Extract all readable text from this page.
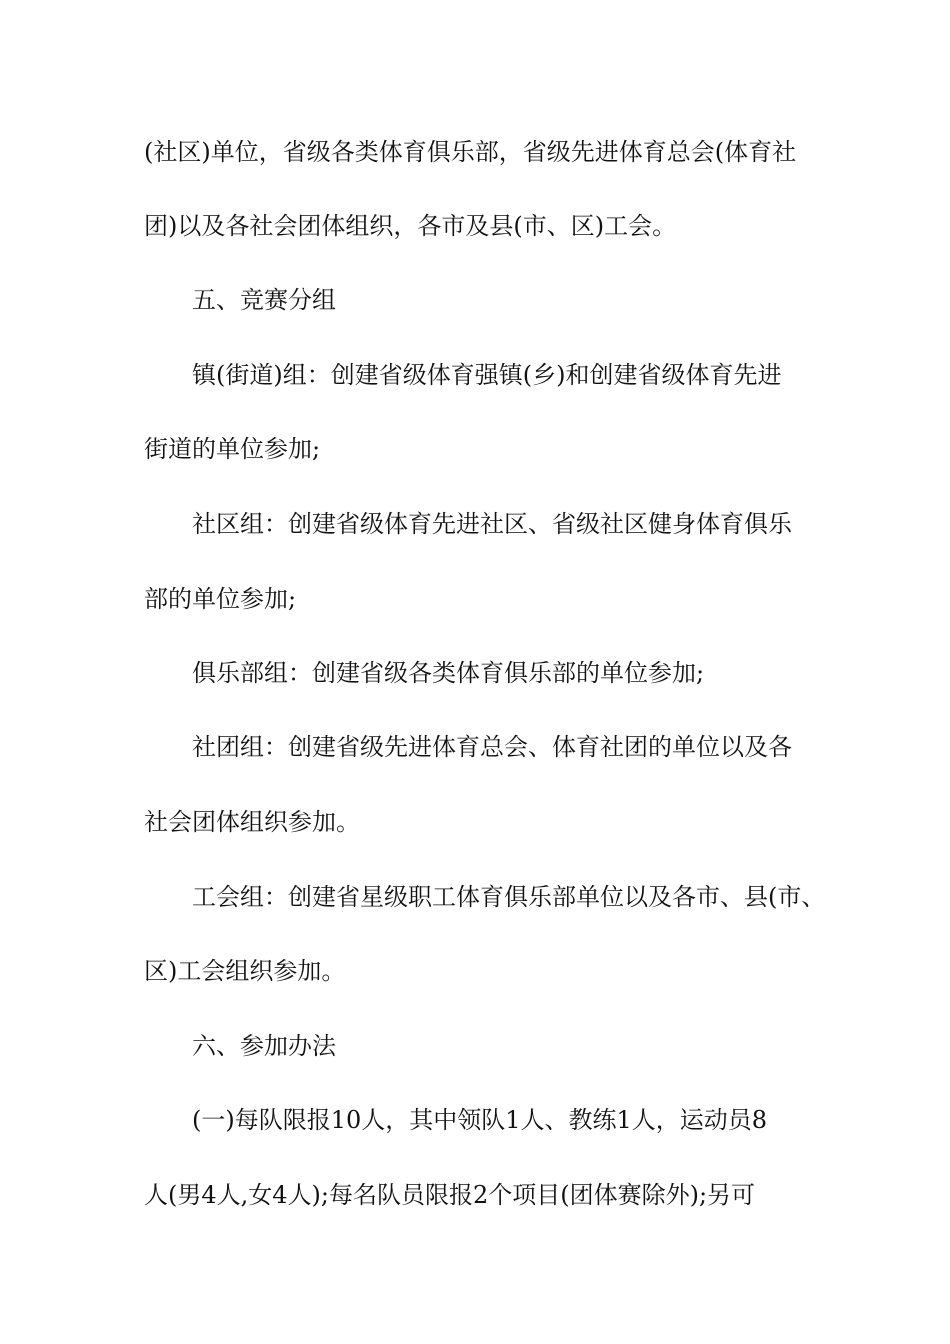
(社区)单位，省级各类体育俱乐部，省级先进体育总会(体育社
团)以及各社会团体组织，各市及县(市、区)工会。
五、竞赛分组
镇(街道)组：创建省级体育强镇(乡)和创建省级体育先进
街道的单位参加;
社区组：创建省级体育先进社区、省级社区健身体育俱乐
部的单位参加;
俱乐部组：创建省级各类体育俱乐部的单位参加;
社团组：创建省级先进体育总会、体育社团的单位以及各
社会团体组织参加。
工会组：创建省星级职工体育俱乐部单位以及各市、县(市、
区)工会组织参加。
六、参加办法
(一)每队限报10人，其中领队1人、教练1人，运动员8
人(男4人,女4人);每名队员限报2个项目(团体赛除外);另可
